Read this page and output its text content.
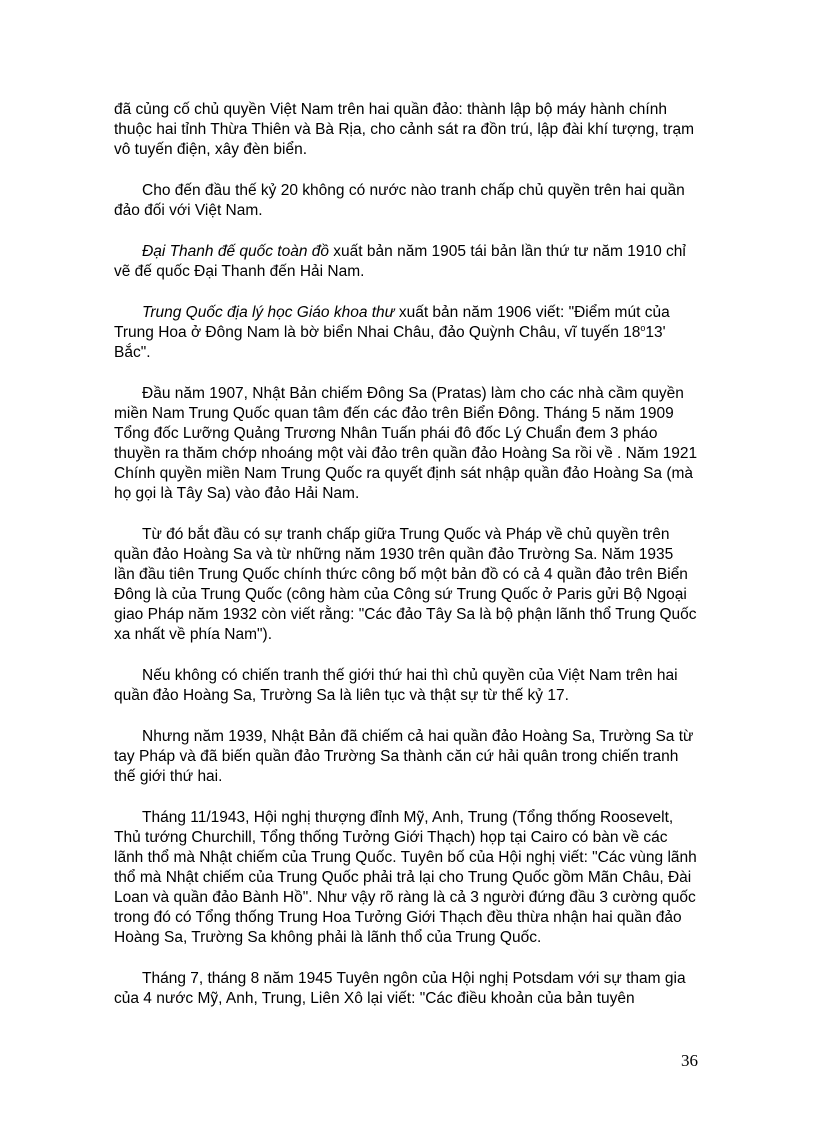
đã củng cố chủ quyền Việt Nam trên hai quần đảo: thành lập bộ máy hành chính thuộc hai tỉnh Thừa Thiên và Bà Rịa, cho cảnh sát ra đồn trú, lập đài khí tượng, trạm vô tuyến điện, xây đèn biển.

Cho đến đầu thế kỷ 20 không có nước nào tranh chấp chủ quyền trên hai quần đảo đối với Việt Nam.

Đại Thanh đế quốc toàn đồ xuất bản năm 1905 tái bản lần thứ tư năm 1910 chỉ vẽ đế quốc Đại Thanh đến Hải Nam.

Trung Quốc địa lý học Giáo khoa thư xuất bản năm 1906 viết: "Điểm mút của Trung Hoa ở Đông Nam là bờ biển Nhai Châu, đảo Quỳnh Châu, vĩ tuyến 18$^o$13' Bắc".

Đầu năm 1907, Nhật Bản chiếm Đông Sa (Pratas) làm cho các nhà cầm quyền miền Nam Trung Quốc quan tâm đến các đảo trên Biển Đông. Tháng 5 năm 1909 Tổng đốc Lưỡng Quảng Trương Nhân Tuấn phái đô đốc Lý Chuẩn đem 3 pháo thuyền ra thăm chớp nhoáng một vài đảo trên quần đảo Hoàng Sa rồi về . Năm 1921 Chính quyền miền Nam Trung Quốc ra quyết định sát nhập quần đảo Hoàng Sa (mà họ gọi là Tây Sa) vào đảo Hải Nam.

Từ đó bắt đầu có sự tranh chấp giữa Trung Quốc và Pháp về chủ quyền trên quần đảo Hoàng Sa và từ những năm 1930 trên quần đảo Trường Sa. Năm 1935 lần đầu tiên Trung Quốc chính thức công bố một bản đồ có cả 4 quần đảo trên Biển Đông là của Trung Quốc (công hàm của Công sứ Trung Quốc ở Paris gửi Bộ Ngoại giao Pháp năm 1932 còn viết rằng: "Các đảo Tây Sa là bộ phận lãnh thổ Trung Quốc xa nhất về phía Nam").

Nếu không có chiến tranh thế giới thứ hai thì chủ quyền của Việt Nam trên hai quần đảo Hoàng Sa, Trường Sa là liên tục và thật sự từ thế kỷ 17.

Nhưng năm 1939, Nhật Bản đã chiếm cả hai quần đảo Hoàng Sa, Trường Sa từ tay Pháp và đã biến quần đảo Trường Sa thành căn cứ hải quân trong chiến tranh thế giới thứ hai.

Tháng 11/1943, Hội nghị thượng đỉnh Mỹ, Anh, Trung (Tổng thống Roosevelt, Thủ tướng Churchill, Tổng thống Tưởng Giới Thạch) họp tại Cairo có bàn về các lãnh thổ mà Nhật chiếm của Trung Quốc. Tuyên bố của Hội nghị viết: "Các vùng lãnh thổ mà Nhật chiếm của Trung Quốc phải trả lại cho Trung Quốc gồm Mãn Châu, Đài Loan và quần đảo Bành Hồ". Như vậy rõ ràng là cả 3 người đứng đầu 3 cường quốc trong đó có Tổng thống Trung Hoa Tưởng Giới Thạch đều thừa nhận hai quần đảo Hoàng Sa, Trường Sa không phải là lãnh thổ của Trung Quốc.

Tháng 7, tháng 8 năm 1945 Tuyên ngôn của Hội nghị Potsdam với sự tham gia của 4 nước Mỹ, Anh, Trung, Liên Xô lại viết: "Các điều khoản của bản tuyên

36
